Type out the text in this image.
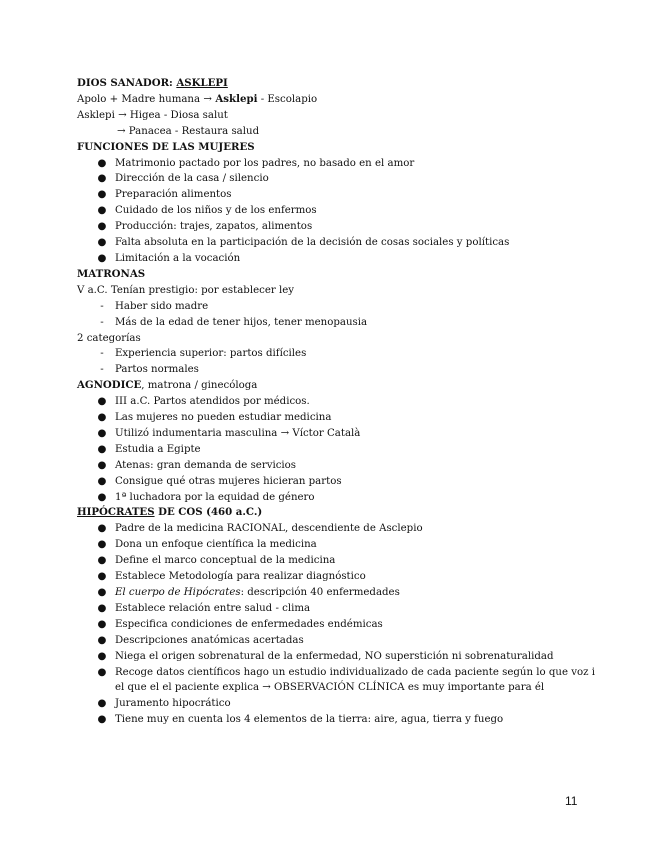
DIOS SANADOR: ASKLEPI
Apolo + Madre humana → Asklepi - Escolapio
Asklepi → Higea - Diosa salut
→ Panacea - Restaura salud
FUNCIONES DE LAS MUJERES
● Matrimonio pactado por los padres, no basado en el amor
● Dirección de la casa / silencio
● Preparación alimentos
● Cuidado de los niños y de los enfermos
● Producción: trajes, zapatos, alimentos
● Falta absoluta en la participación de la decisión de cosas sociales y políticas
● Limitación a la vocación
MATRONAS
V a.C. Tenían prestigio: por establecer ley
-	Haber sido madre
-	Más de la edad de tener hijos, tener menopausia
2 categorías
-	Experiencia superior: partos difíciles
-	Partos normales
AGNODICE, matrona / ginecóloga
● III a.C. Partos atendidos por médicos.
● Las mujeres no pueden estudiar medicina
● Utilizó indumentaria masculina → Víctor Català
● Estudia a Egipte
● Atenas: gran demanda de servicios
● Consigue qué otras mujeres hicieran partos
● 1ª luchadora por la equidad de género
HIPÓCRATES DE COS (460 a.C.)
● Padre de la medicina RACIONAL, descendiente de Asclepio
● Dona un enfoque científica la medicina
● Define el marco conceptual de la medicina
● Establece Metodología para realizar diagnóstico
● El cuerpo de Hipócrates: descripción 40 enfermedades
● Establece relación entre salud - clima
● Especifica condiciones de enfermedades endémicas
● Descripciones anatómicas acertadas
● Niega el origen sobrenatural de la enfermedad, NO superstición ni sobrenaturalidad
● Recoge datos científicos hago un estudio individualizado de cada paciente según lo que voz i
el que el el paciente explica → OBSERVACIÓN CLÍNICA es muy importante para él
● Juramento hipocrático
● Tiene muy en cuenta los 4 elementos de la tierra: aire, agua, tierra y fuego
11
